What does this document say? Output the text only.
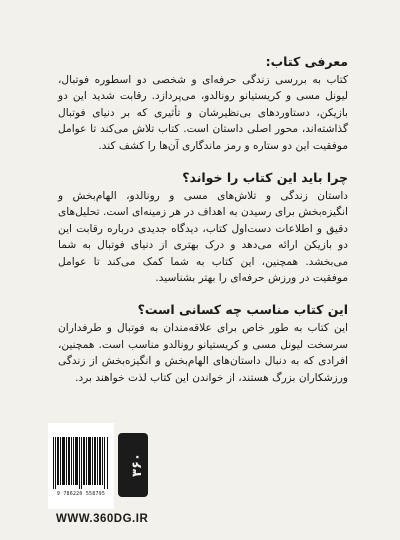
معرفی کتاب:

کتاب به بررسی زندگی حرفه‌ای و شخصی دو اسطوره فوتبال، لیونل مسی و کریستیانو رونالدو، می‌پردازد. رقابت شدید این دو بازیکن، دستاوردهای بی‌نظیرشان و تأثیری که بر دنیای فوتبال گذاشته‌اند، محور اصلی داستان است. کتاب تلاش می‌کند تا عوامل موفقیت این دو ستاره و رمز ماندگاری آن‌ها را کشف کند.

چرا باید این کتاب را خواند؟

داستان زندگی و تلاش‌های مسی و رونالدو، الهام‌بخش و انگیزه‌بخش برای رسیدن به اهداف در هر زمینه‌ای است. تحلیل‌های دقیق و اطلاعات دست‌اول کتاب، دیدگاه جدیدی درباره رقابت این دو بازیکن ارائه می‌دهد و درک بهتری از دنیای فوتبال به شما می‌بخشد. همچنین، این کتاب به شما کمک می‌کند تا عوامل موفقیت در ورزش حرفه‌ای را بهتر بشناسید.

این کتاب مناسب چه کسانی است؟

این کتاب به طور خاص برای علاقه‌مندان به فوتبال و طرفداران سرسخت لیونل مسی و کریستیانو رونالدو مناسب است. همچنین، افرادی که به دنبال داستان‌های الهام‌بخش و انگیزه‌بخش از زندگی ورزشکاران بزرگ هستند، از خواندن این کتاب لذت خواهند برد.

9 786220 558795
۳۶۰
WWW.360DG.IR
